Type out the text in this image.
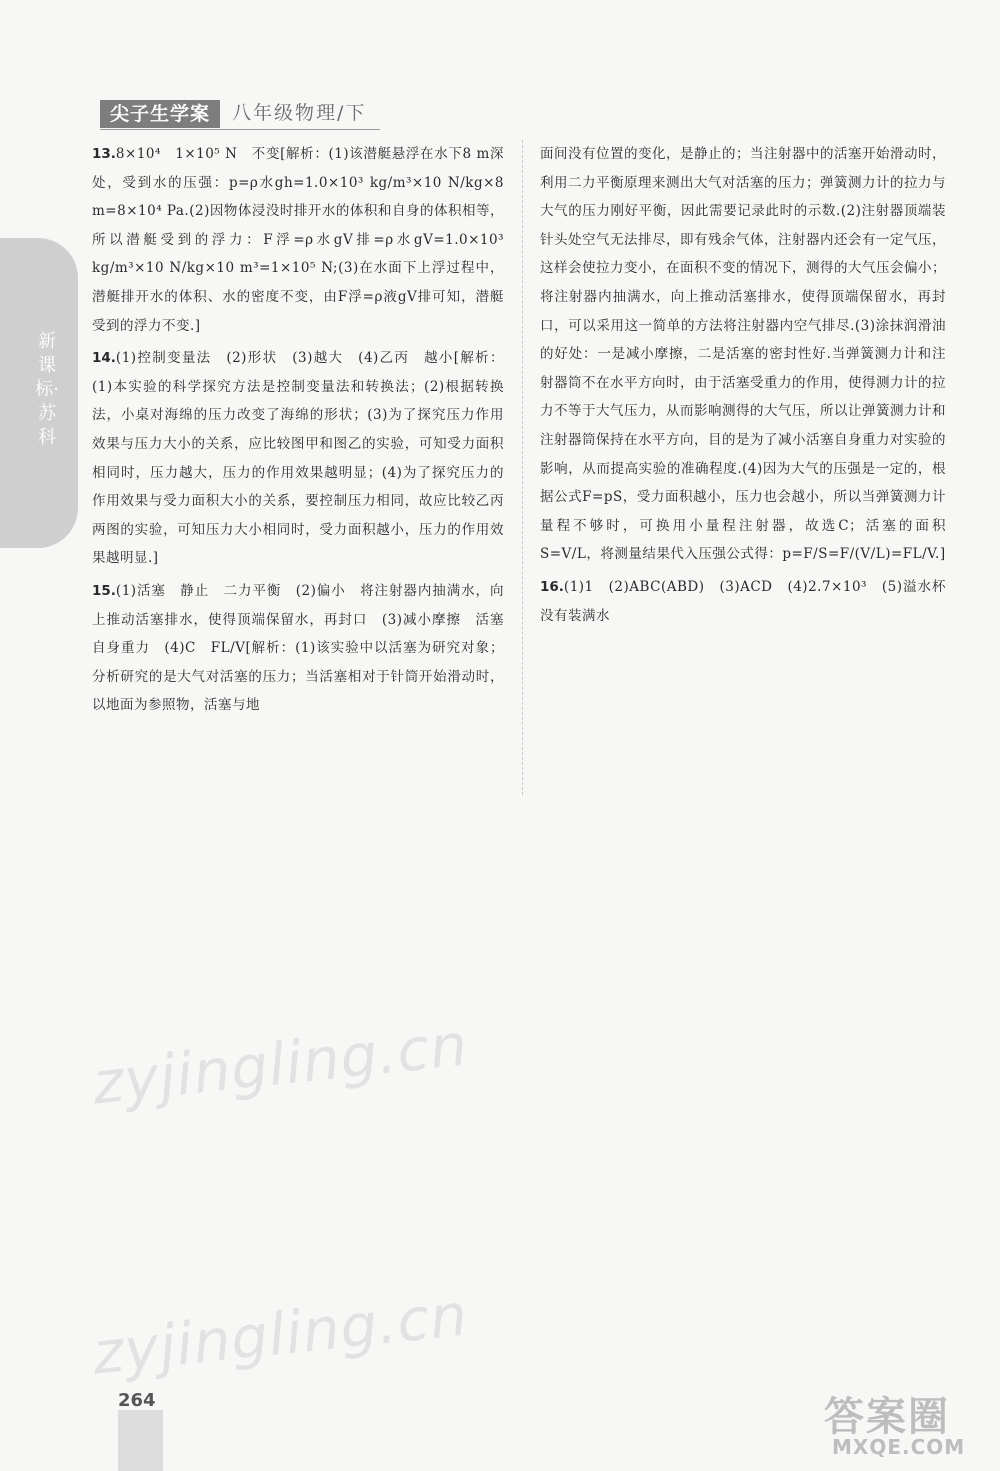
尖子生学案	八年级物理/下
新课标·苏科

13.8×10⁴　1×10⁵ N　不变[解析：(1)该潜艇悬浮在水下8 m深处，受到水的压强：p=ρ水gh=1.0×10³ kg/m³×10 N/kg×8 m=8×10⁴ Pa.(2)因物体浸没时排开水的体积和自身的体积相等，所以潜艇受到的浮力：F浮=ρ水gV排=ρ水gV=1.0×10³ kg/m³×10 N/kg×10 m³=1×10⁵ N;(3)在水面下上浮过程中，潜艇排开水的体积、水的密度不变，由F浮=ρ液gV排可知，潜艇受到的浮力不变.]

14.(1)控制变量法　(2)形状　(3)越大　(4)乙丙　越小[解析：(1)本实验的科学探究方法是控制变量法和转换法；(2)根据转换法，小桌对海绵的压力改变了海绵的形状；(3)为了探究压力作用效果与压力大小的关系，应比较图甲和图乙的实验，可知受力面积相同时，压力越大，压力的作用效果越明显；(4)为了探究压力的作用效果与受力面积大小的关系，要控制压力相同，故应比较乙丙两图的实验，可知压力大小相同时，受力面积越小，压力的作用效果越明显.]

15.(1)活塞　静止　二力平衡　(2)偏小　将注射器内抽满水，向上推动活塞排水，使得顶端保留水，再封口　(3)减小摩擦　活塞自身重力　(4)C　FL/V[解析：(1)该实验中以活塞为研究对象；分析研究的是大气对活塞的压力；当活塞相对于针筒开始滑动时，以地面为参照物，活塞与地

面间没有位置的变化，是静止的；当注射器中的活塞开始滑动时，利用二力平衡原理来测出大气对活塞的压力；弹簧测力计的拉力与大气的压力刚好平衡，因此需要记录此时的示数.(2)注射器顶端装针头处空气无法排尽，即有残余气体，注射器内还会有一定气压，这样会使拉力变小，在面积不变的情况下，测得的大气压会偏小；将注射器内抽满水，向上推动活塞排水，使得顶端保留水，再封口，可以采用这一简单的方法将注射器内空气排尽.(3)涂抹润滑油的好处：一是减小摩擦，二是活塞的密封性好.当弹簧测力计和注射器筒不在水平方向时，由于活塞受重力的作用，使得测力计的拉力不等于大气压力，从而影响测得的大气压，所以让弹簧测力计和注射器筒保持在水平方向，目的是为了减小活塞自身重力对实验的影响，从而提高实验的准确程度.(4)因为大气的压强是一定的，根据公式F=pS，受力面积越小，压力也会越小，所以当弹簧测力计量程不够时，可换用小量程注射器，故选C；活塞的面积S=V/L，将测量结果代入压强公式得：p=F/S=F/(V/L)=FL/V.]

16.(1)1　(2)ABC(ABD)　(3)ACD　(4)2.7×10³　(5)溢水杯没有装满水

zyjingling.cn
zyjingling.cn
264	答案圈
MXQE.COM
